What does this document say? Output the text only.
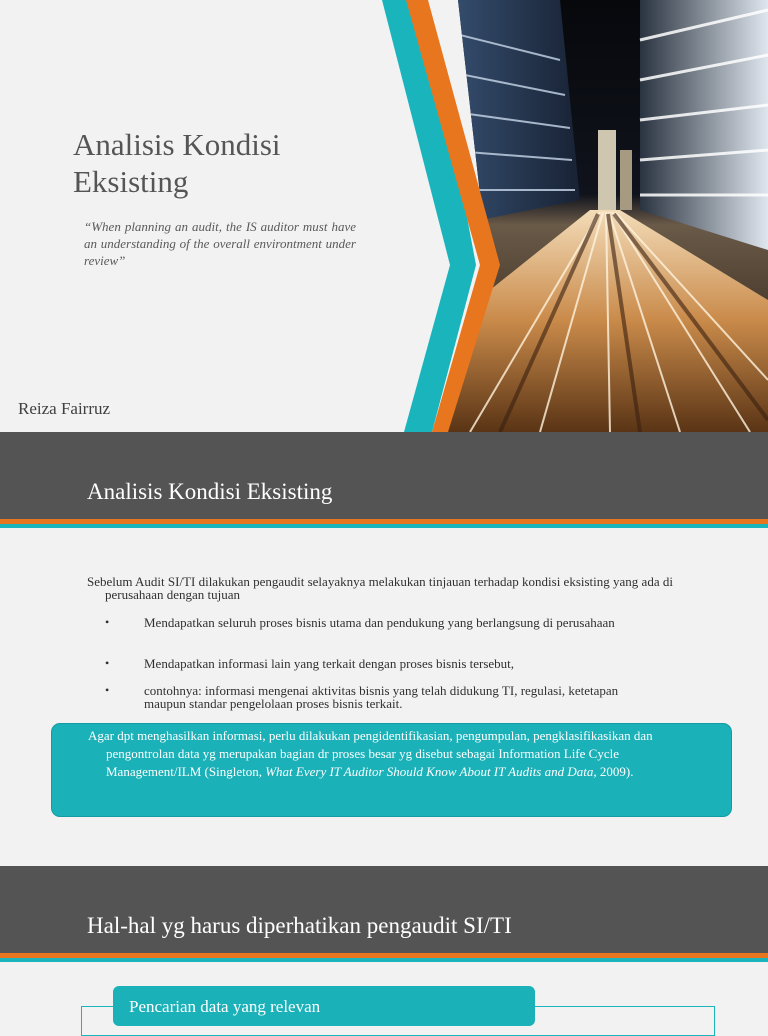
Analisis Kondisi Eksisting
“When planning an audit, the IS auditor must have an understanding of the overall environtment under review”
Reiza Fairruz
Analisis Kondisi Eksisting
Sebelum Audit SI/TI dilakukan pengaudit selayaknya melakukan tinjauan terhadap kondisi eksisting yang ada di perusahaan dengan tujuan
•	Mendapatkan seluruh proses bisnis utama dan pendukung yang berlangsung di perusahaan
•	Mendapatkan informasi lain yang terkait dengan proses bisnis tersebut,
•	contohnya: informasi mengenai aktivitas bisnis yang telah didukung TI, regulasi, ketetapan maupun standar pengelolaan proses bisnis terkait.
Agar dpt menghasilkan informasi, perlu dilakukan pengidentifikasian, pengumpulan, pengklasifikasikan dan pengontrolan data yg merupakan bagian dr proses besar yg disebut sebagai Information Life Cycle Management/ILM (Singleton, What Every IT Auditor Should Know About IT Audits and Data, 2009).
Hal-hal yg harus diperhatikan pengaudit SI/TI
Pencarian data yang relevan
